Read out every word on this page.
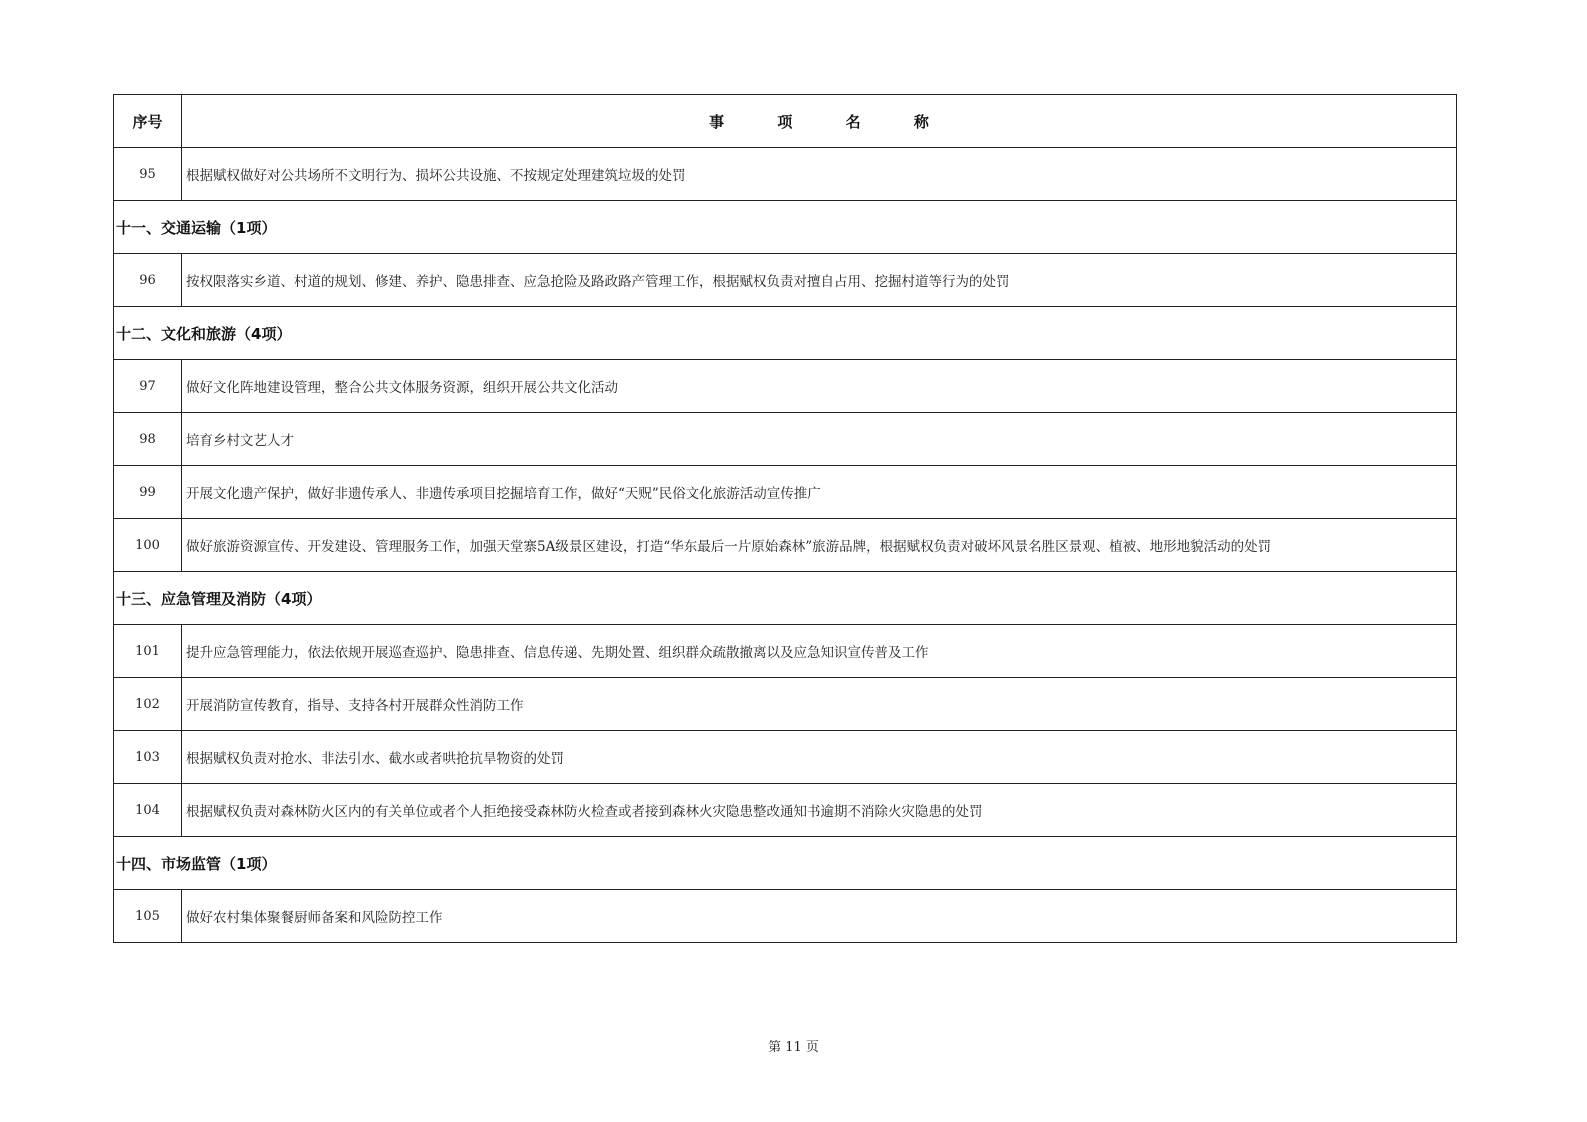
序号	事 项 名 称
95	根据赋权做好对公共场所不文明行为、损坏公共设施、不按规定处理建筑垃圾的处罚
十一、交通运输（1项）	
96	按权限落实乡道、村道的规划、修建、养护、隐患排查、应急抢险及路政路产管理工作，根据赋权负责对擅自占用、挖掘村道等行为的处罚
十二、文化和旅游（4项）	
97	做好文化阵地建设管理，整合公共文体服务资源，组织开展公共文化活动
98	培育乡村文艺人才
99	开展文化遗产保护，做好非遗传承人、非遗传承项目挖掘培育工作，做好“天贶”民俗文化旅游活动宣传推广
100	做好旅游资源宣传、开发建设、管理服务工作，加强天堂寨5A级景区建设，打造“华东最后一片原始森林”旅游品牌，根据赋权负责对破坏风景名胜区景观、植被、地形地貌活动的处罚
十三、应急管理及消防（4项）	
101	提升应急管理能力，依法依规开展巡查巡护、隐患排查、信息传递、先期处置、组织群众疏散撤离以及应急知识宣传普及工作
102	开展消防宣传教育，指导、支持各村开展群众性消防工作
103	根据赋权负责对抢水、非法引水、截水或者哄抢抗旱物资的处罚
104	根据赋权负责对森林防火区内的有关单位或者个人拒绝接受森林防火检查或者接到森林火灾隐患整改通知书逾期不消除火灾隐患的处罚
十四、市场监管（1项）	
105	做好农村集体聚餐厨师备案和风险防控工作
第 11 页
